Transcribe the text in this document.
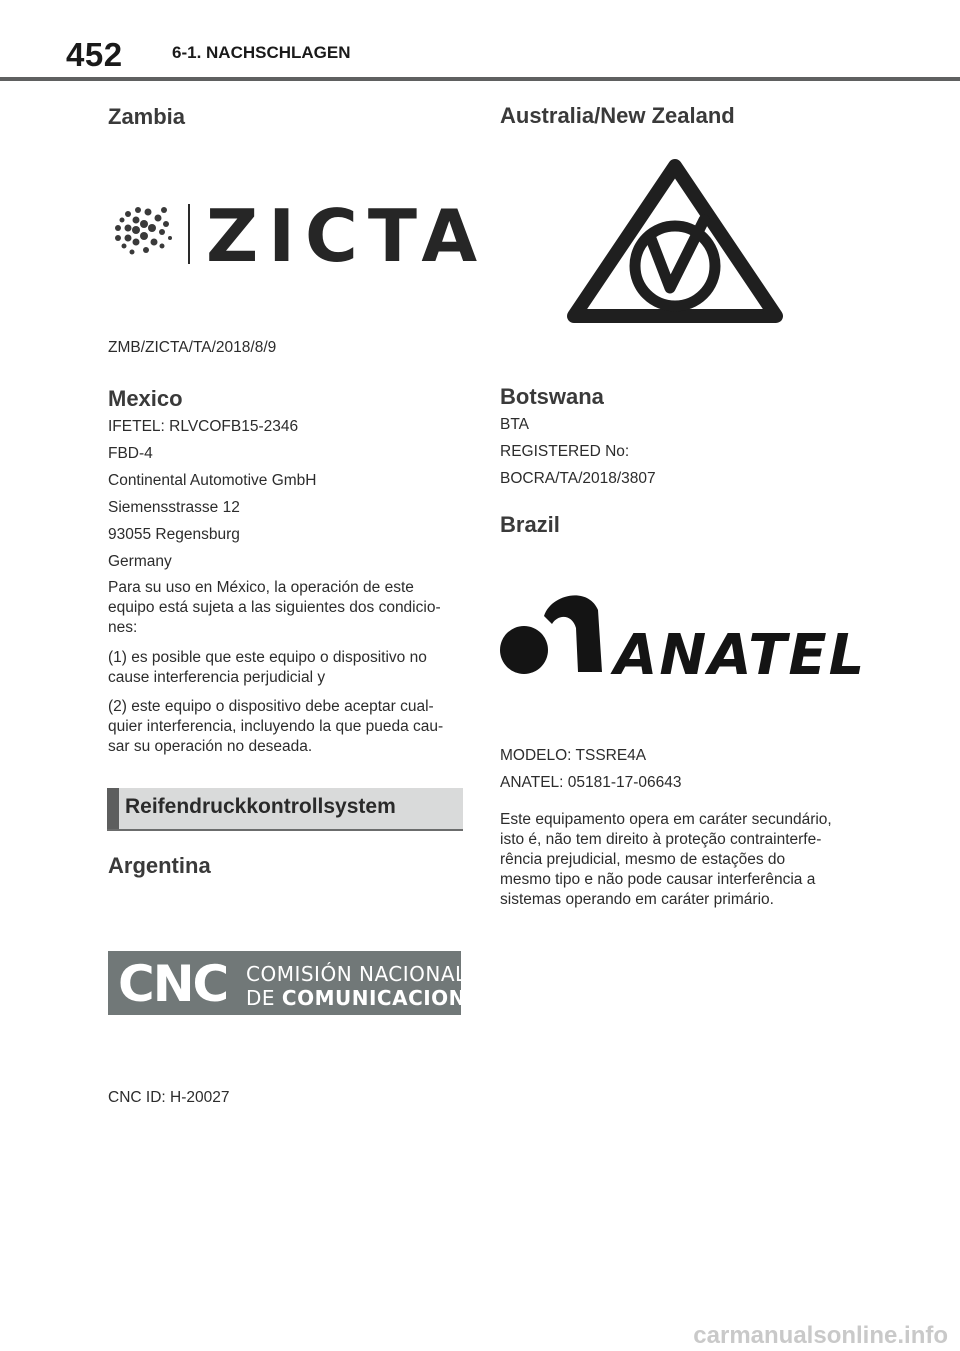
452	6-1. NACHSCHLAGEN
Zambia
ZICTA
ZMB/ZICTA/TA/2018/8/9
Mexico
IFETEL: RLVCOFB15-2346
FBD-4
Continental Automotive GmbH
Siemensstrasse 12
93055 Regensburg
Germany
Para su uso en México, la operación de este
equipo está sujeta a las siguientes dos condicio-
nes:
(1) es posible que este equipo o dispositivo no
cause interferencia perjudicial y
(2) este equipo o dispositivo debe aceptar cual-
quier interferencia, incluyendo la que pueda cau-
sar su operación no deseada.
Reifendruckkontrollsystem
Argentina
CNC COMISIÓN NACIONAL
DE COMUNICACIONES
CNC ID: H-20027
Australia/New Zealand
Botswana
BTA
REGISTERED No:
BOCRA/TA/2018/3807
Brazil
ANATEL
MODELO: TSSRE4A
ANATEL: 05181-17-06643
Este equipamento opera em caráter secundário,
isto é, não tem direito à proteção contrainterfe-
rência prejudicial, mesmo de estações do
mesmo tipo e não pode causar interferência a
sistemas operando em caráter primário.
carmanualsonline.info
